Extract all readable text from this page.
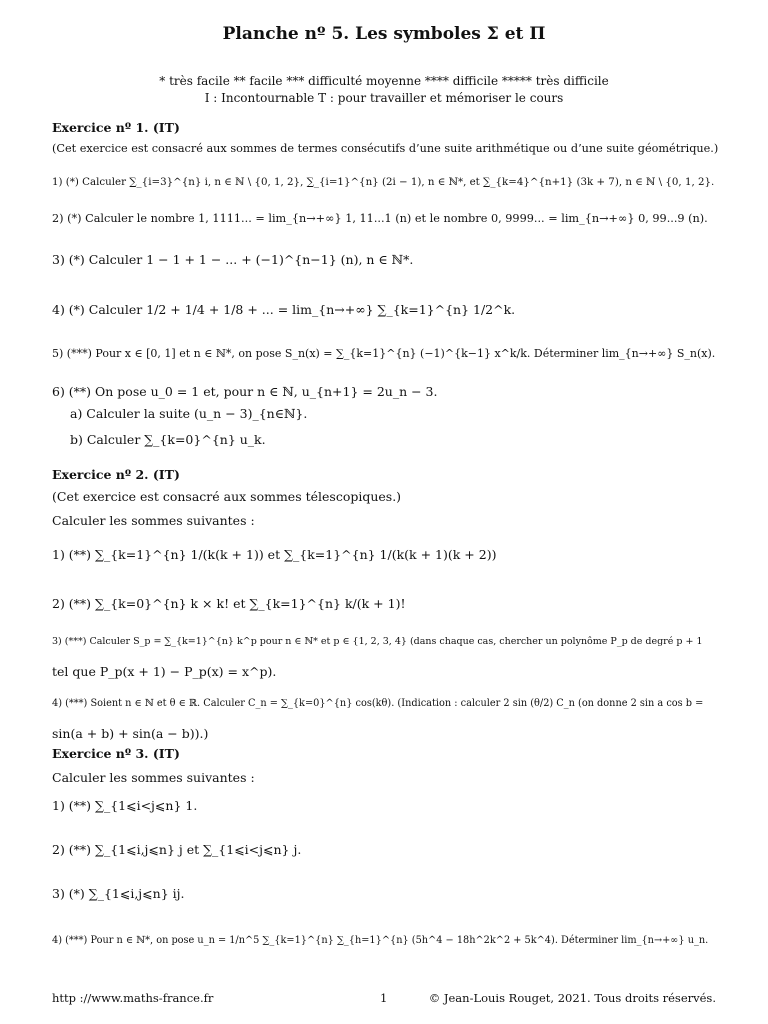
Planche nº 5. Les symboles Σ et Π
* très facile ** facile *** difficulté moyenne **** difficile ***** très difficile
I : Incontournable T : pour travailler et mémoriser le cours
Exercice nº 1. (IT)
(Cet exercice est consacré aux sommes de termes consécutifs d’une suite arithmétique ou d’une suite géométrique.)
1) (*) Calculer ∑_{i=3}^{n} i, n ∈ ℕ \ {0, 1, 2}, ∑_{i=1}^{n} (2i − 1), n ∈ ℕ*, et ∑_{k=4}^{n+1} (3k + 7), n ∈ ℕ \ {0, 1, 2}.
2) (*) Calculer le nombre 1, 1111... = lim_{n→+∞} 1, 11...1 (n) et le nombre 0, 9999... = lim_{n→+∞} 0, 99...9 (n).
3) (*) Calculer 1 − 1 + 1 − ... + (−1)^{n−1} (n), n ∈ ℕ*.
4) (*) Calculer 1/2 + 1/4 + 1/8 + ... = lim_{n→+∞} ∑_{k=1}^{n} 1/2^k.
5) (***) Pour x ∈ [0, 1] et n ∈ ℕ*, on pose S_n(x) = ∑_{k=1}^{n} (−1)^{k−1} x^k/k. Déterminer lim_{n→+∞} S_n(x).
6) (**) On pose u_0 = 1 et, pour n ∈ ℕ, u_{n+1} = 2u_n − 3.
a) Calculer la suite (u_n − 3)_{n∈ℕ}.
b) Calculer ∑_{k=0}^{n} u_k.
Exercice nº 2. (IT)
(Cet exercice est consacré aux sommes télescopiques.)
Calculer les sommes suivantes :
1) (**) ∑_{k=1}^{n} 1/(k(k + 1)) et ∑_{k=1}^{n} 1/(k(k + 1)(k + 2))
2) (**) ∑_{k=0}^{n} k × k! et ∑_{k=1}^{n} k/(k + 1)!
3) (***) Calculer S_p = ∑_{k=1}^{n} k^p pour n ∈ ℕ* et p ∈ {1, 2, 3, 4} (dans chaque cas, chercher un polynôme P_p de degré p + 1
tel que P_p(x + 1) − P_p(x) = x^p).
4) (***) Soient n ∈ ℕ et θ ∈ ℝ. Calculer C_n = ∑_{k=0}^{n} cos(kθ). (Indication : calculer 2 sin (θ/2) C_n (on donne 2 sin a cos b =
sin(a + b) + sin(a − b)).)
Exercice nº 3. (IT)
Calculer les sommes suivantes :
1) (**) ∑_{1⩽i<j⩽n} 1.
2) (**) ∑_{1⩽i,j⩽n} j et ∑_{1⩽i<j⩽n} j.
3) (*) ∑_{1⩽i,j⩽n} ij.
4) (***) Pour n ∈ ℕ*, on pose u_n = 1/n^5 ∑_{k=1}^{n} ∑_{h=1}^{n} (5h^4 − 18h^2k^2 + 5k^4). Déterminer lim_{n→+∞} u_n.
http ://www.maths-france.fr	1	© Jean-Louis Rouget, 2021. Tous droits réservés.
